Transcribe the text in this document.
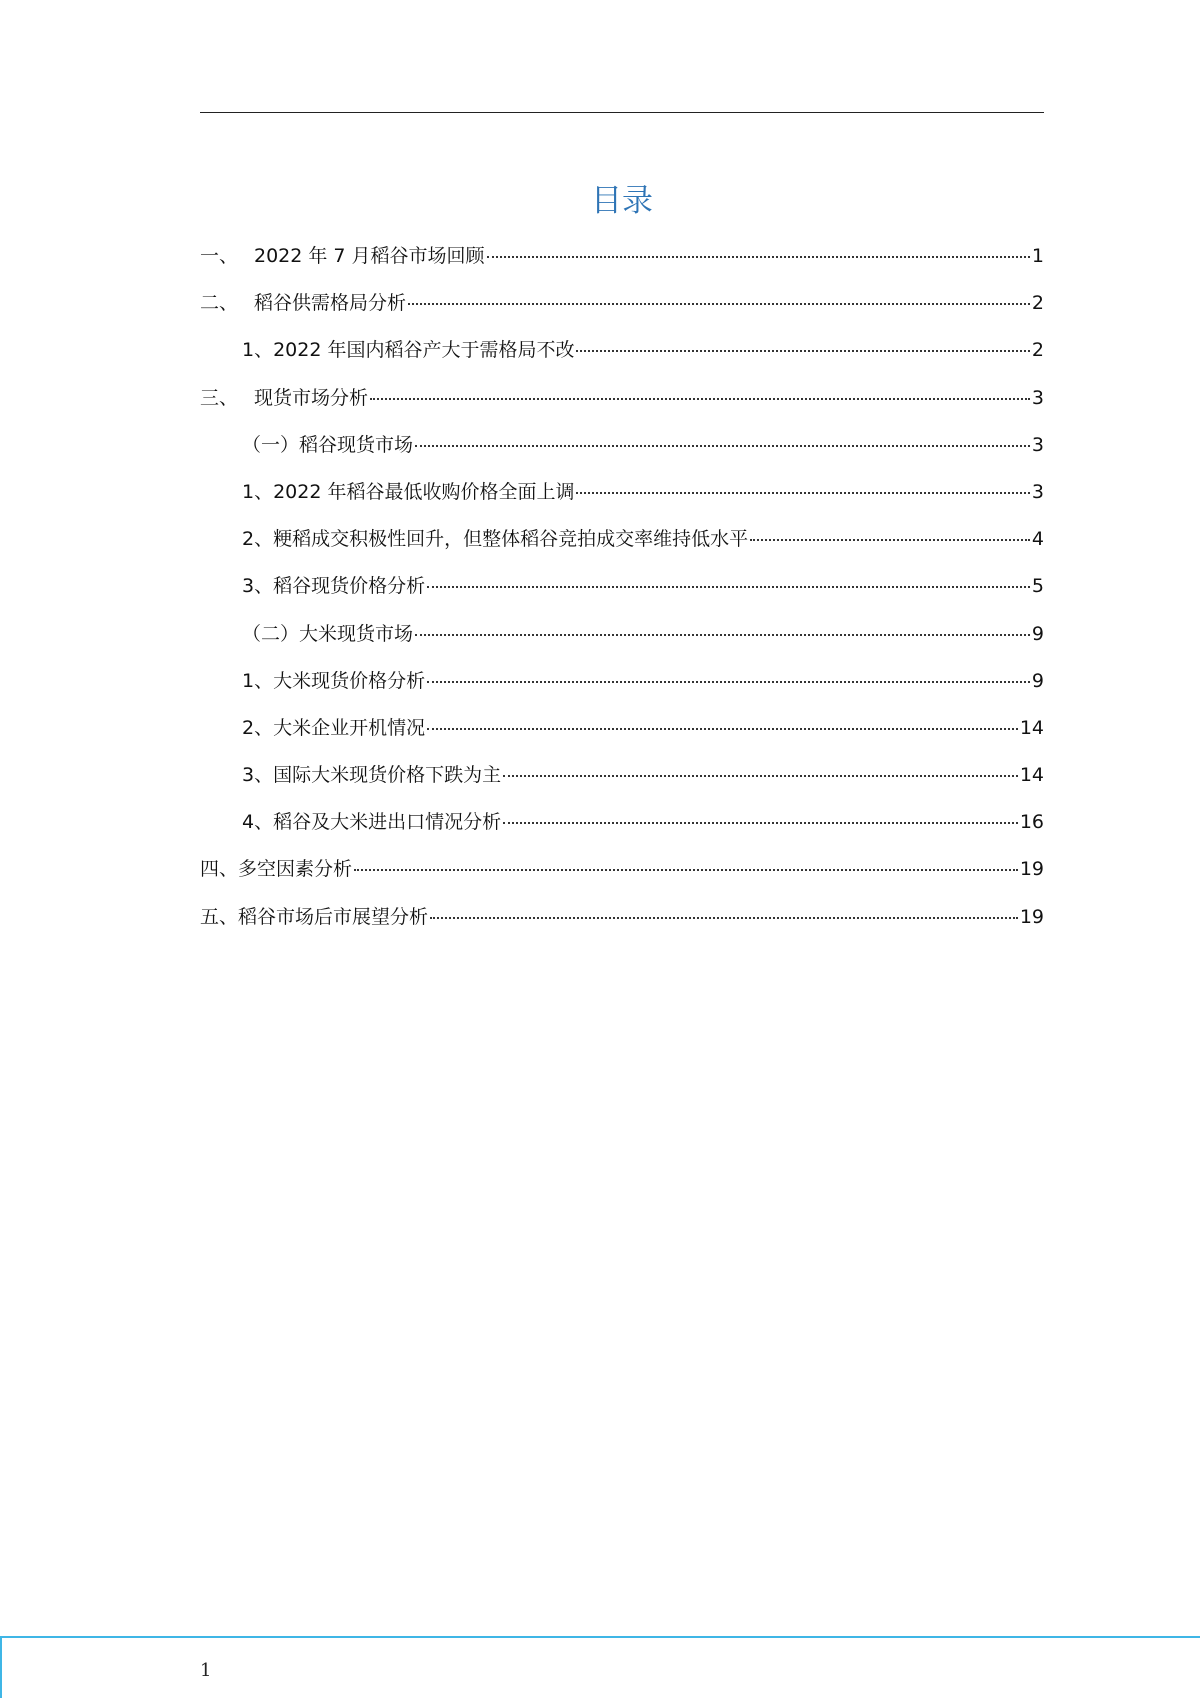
目录
一、 2022 年 7 月稻谷市场回顾	1
二、 稻谷供需格局分析	2
1、2022 年国内稻谷产大于需格局不改	2
三、 现货市场分析	3
（一）稻谷现货市场	3
1、2022 年稻谷最低收购价格全面上调	3
2、粳稻成交积极性回升，但整体稻谷竞拍成交率维持低水平	4
3、稻谷现货价格分析	5
（二）大米现货市场	9
1、大米现货价格分析	9
2、大米企业开机情况	14
3、国际大米现货价格下跌为主	14
4、稻谷及大米进出口情况分析	16
四、 多空因素分析	19
五、 稻谷市场后市展望分析	19
1
